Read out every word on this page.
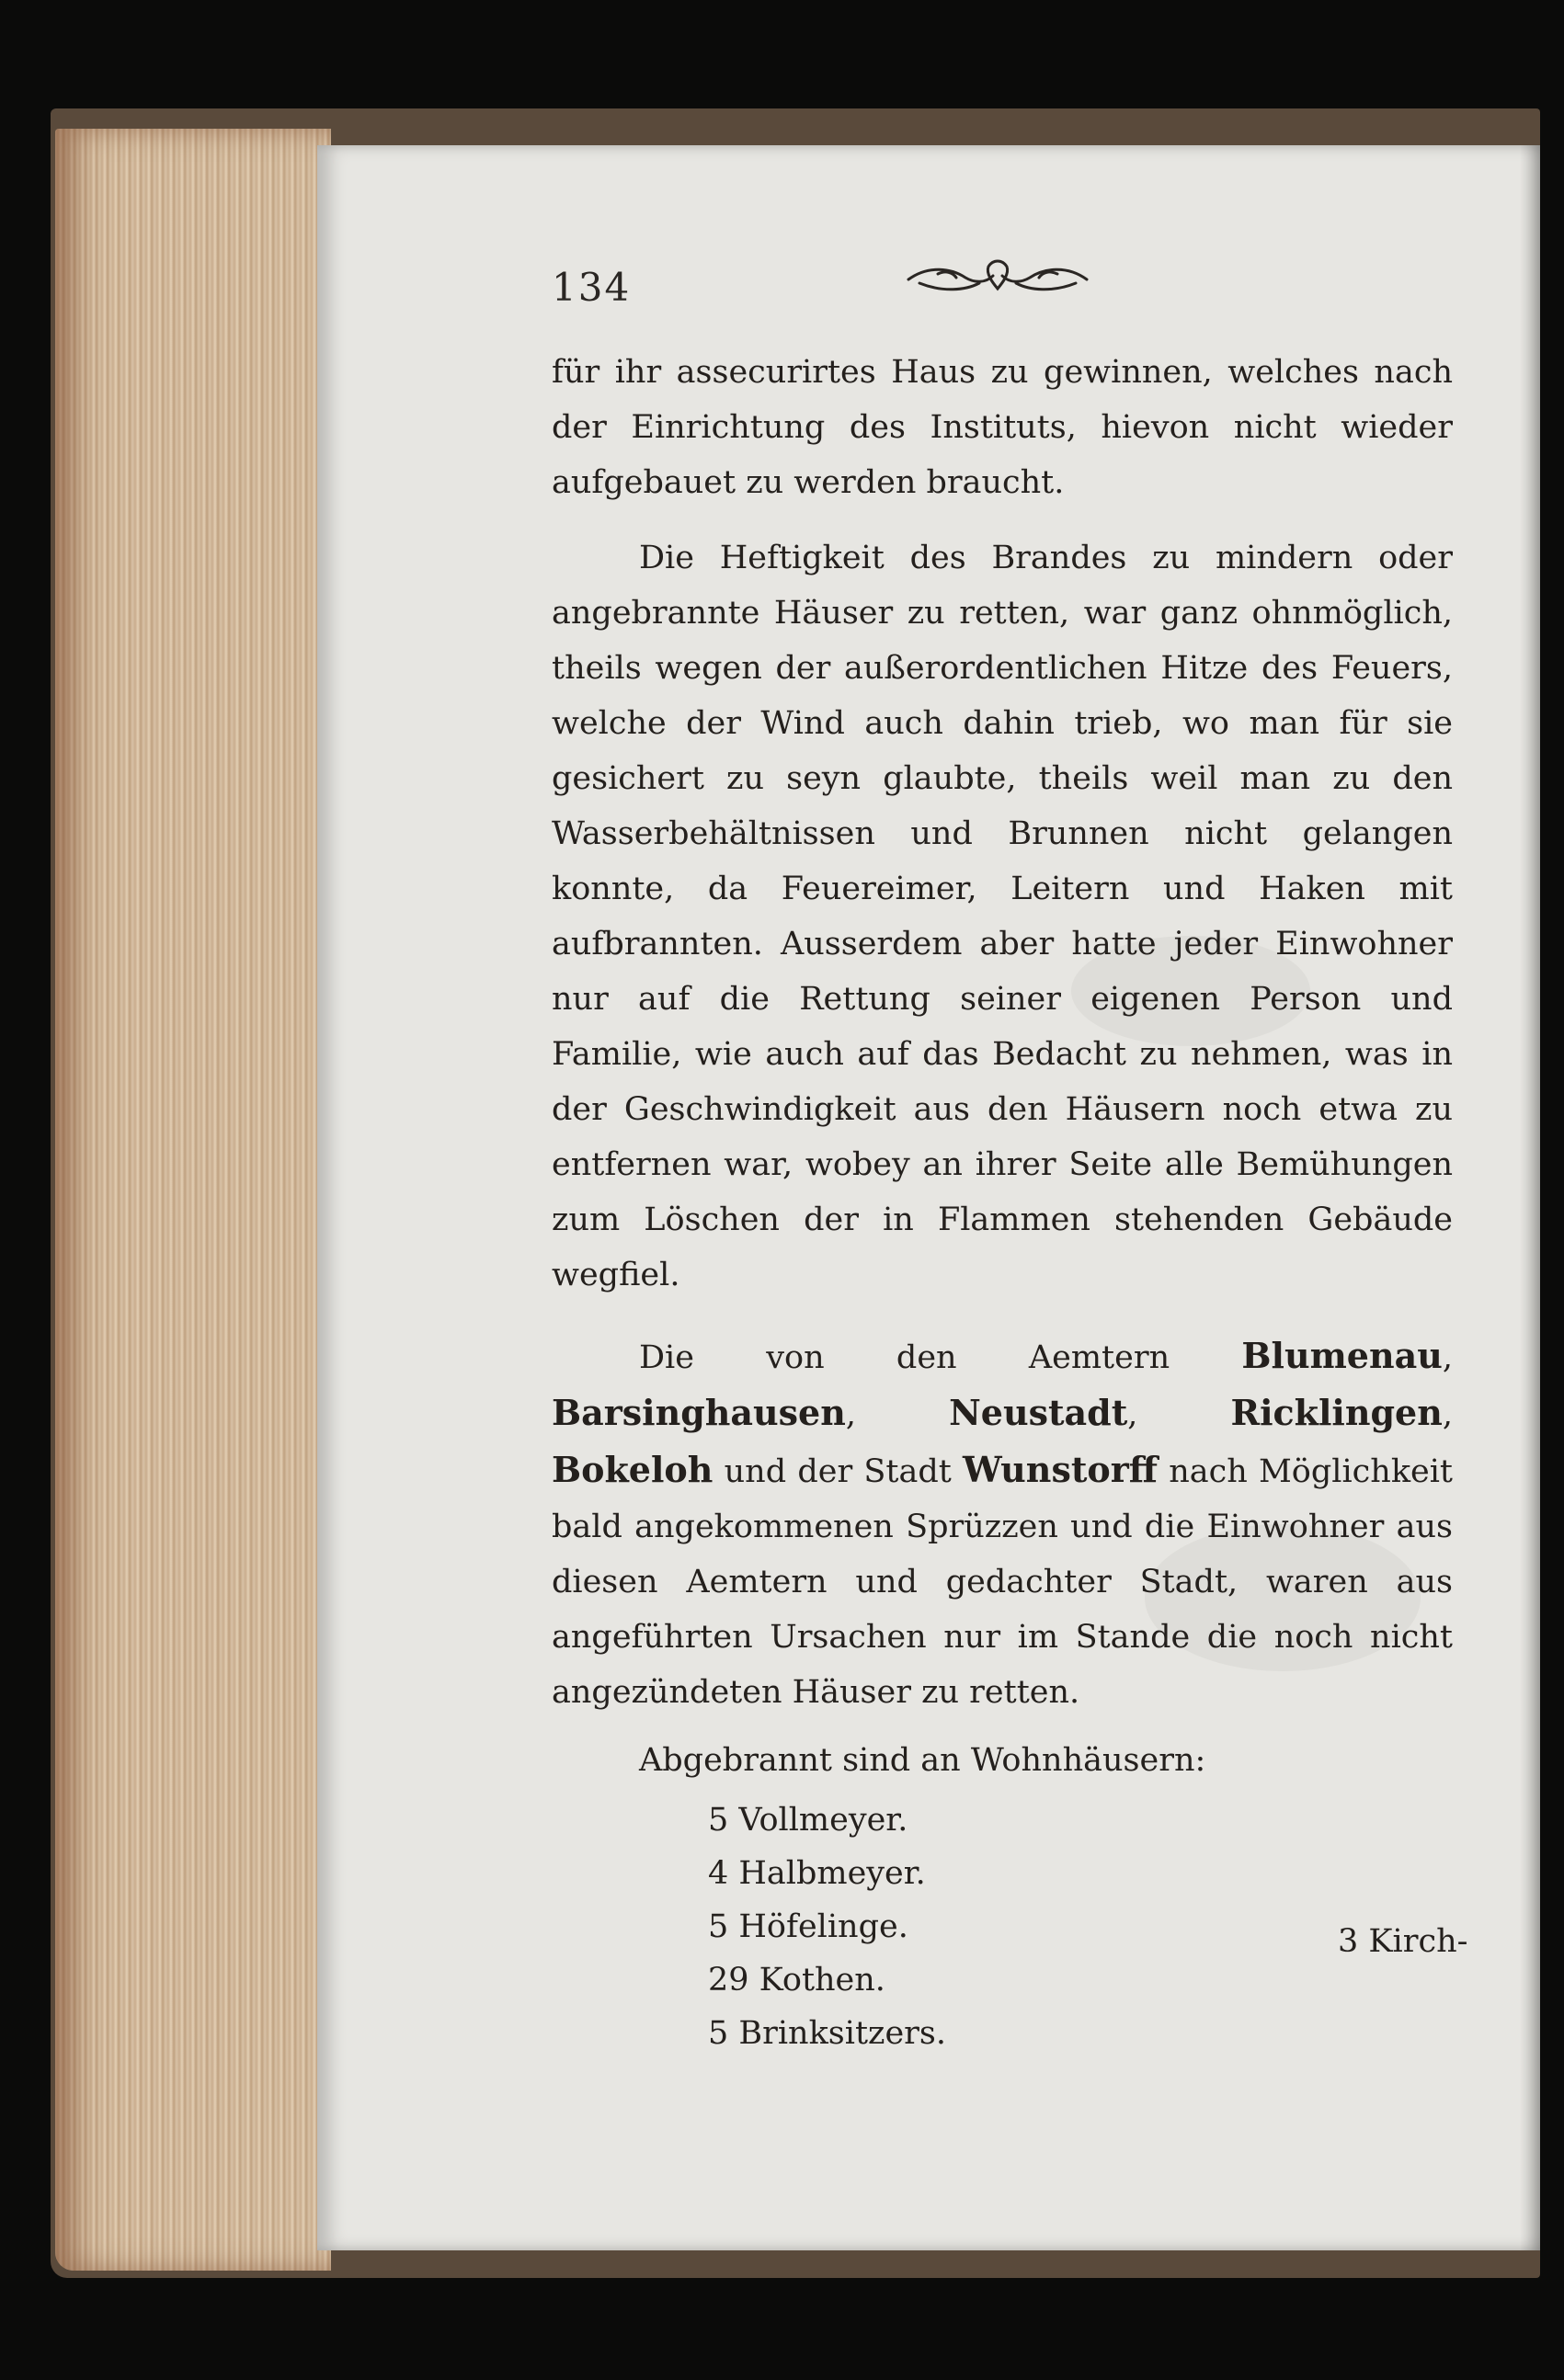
134

für ihr assecurirtes Haus zu gewinnen, welches nach der Einrichtung des Instituts, hievon nicht wieder aufgebauet zu werden braucht.

Die Heftigkeit des Brandes zu mindern oder angebrannte Häuser zu retten, war ganz ohnmöglich, theils wegen der außerordentlichen Hitze des Feuers, welche der Wind auch dahin trieb, wo man für sie gesichert zu seyn glaubte, theils weil man zu den Wasserbehältnissen und Brunnen nicht gelangen konnte, da Feuereimer, Leitern und Haken mit aufbrannten. Ausserdem aber hatte jeder Einwohner nur auf die Rettung seiner eigenen Person und Familie, wie auch auf das Bedacht zu nehmen, was in der Geschwindigkeit aus den Häusern noch etwa zu entfernen war, wobey an ihrer Seite alle Bemühungen zum Löschen der in Flammen stehenden Gebäude wegfiel.

Die von den Aemtern Blumenau, Barsinghausen, Neustadt, Ricklingen, Bokeloh und der Stadt Wunstorff nach Möglichkeit bald angekommenen Sprüzzen und die Einwohner aus diesen Aemtern und gedachter Stadt, waren aus angeführten Ursachen nur im Stande die noch nicht angezündeten Häuser zu retten.

Abgebrannt sind an Wohnhäusern:

5 Vollmeyer.
4 Halbmeyer.
5 Höfelinge.
29 Kothen.
5 Brinksitzers.
3 Kirch-
